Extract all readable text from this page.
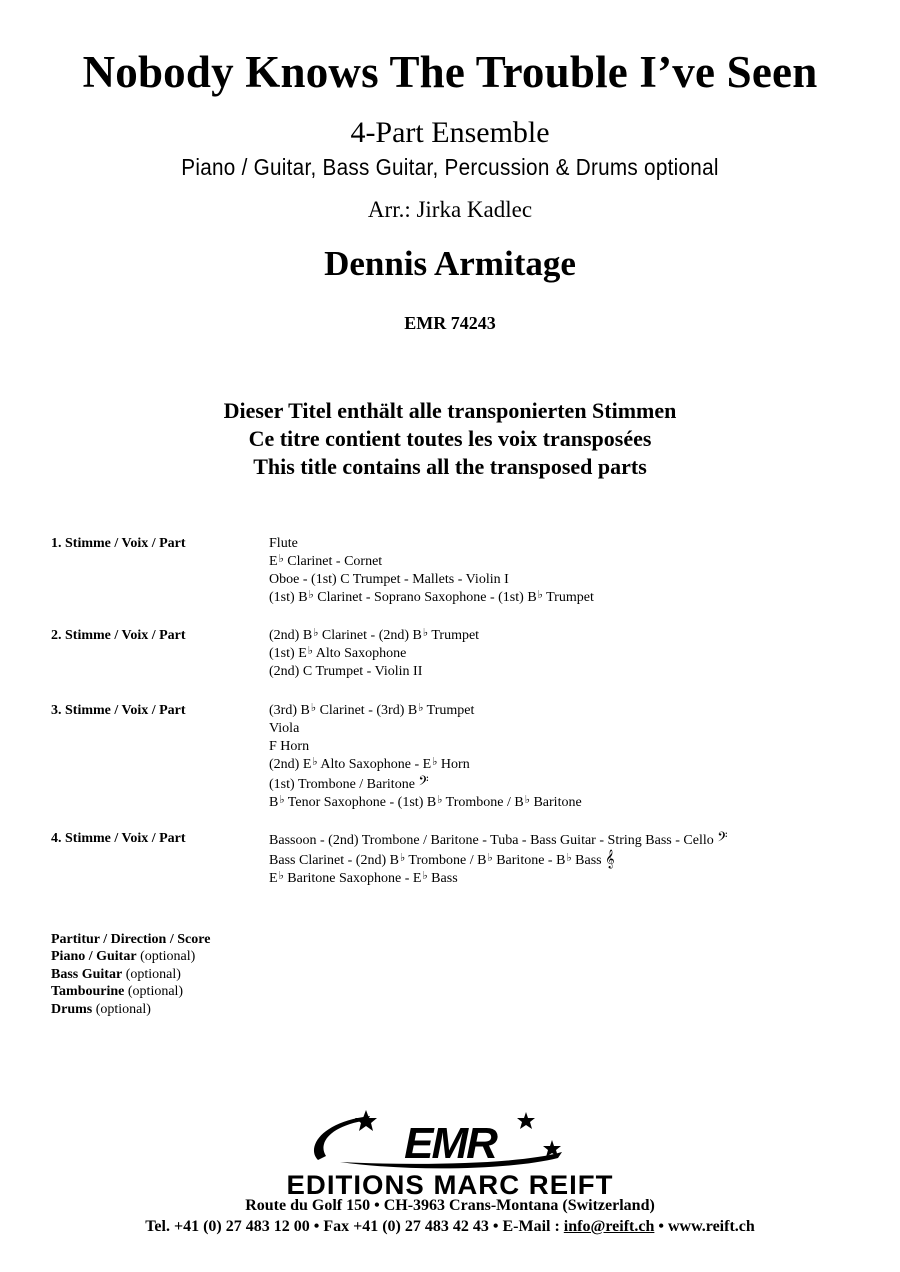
Nobody Knows The Trouble I’ve Seen
4-Part Ensemble
Piano / Guitar, Bass Guitar, Percussion & Drums optional
Arr.: Jirka Kadlec
Dennis Armitage
EMR 74243
Dieser Titel enthält alle transponierten Stimmen
Ce titre contient toutes les voix transposées
This title contains all the transposed parts
1. Stimme / Voix / Part	Flute
E♭ Clarinet - Cornet
Oboe - (1st) C Trumpet - Mallets - Violin I
(1st) B♭ Clarinet - Soprano Saxophone - (1st) B♭ Trumpet
2. Stimme / Voix / Part	(2nd) B♭ Clarinet - (2nd) B♭ Trumpet
(1st) E♭ Alto Saxophone
(2nd) C Trumpet - Violin II
3. Stimme / Voix / Part	(3rd) B♭ Clarinet - (3rd) B♭ Trumpet
Viola
F Horn
(2nd) E♭ Alto Saxophone - E♭ Horn
(1st) Trombone / Baritone 𝄢
B♭ Tenor Saxophone - (1st) B♭ Trombone / B♭ Baritone
4. Stimme / Voix / Part	Bassoon - (2nd) Trombone / Baritone - Tuba - Bass Guitar - String Bass - Cello 𝄢
Bass Clarinet - (2nd) B♭ Trombone / B♭ Baritone - B♭ Bass 𝄞
E♭ Baritone Saxophone - E♭ Bass
Partitur / Direction / Score
Piano / Guitar (optional)
Bass Guitar (optional)
Tambourine (optional)
Drums (optional)
EMR
EDITIONS MARC REIFT
Route du Golf 150 • CH-3963 Crans-Montana (Switzerland)
Tel. +41 (0) 27 483 12 00 • Fax +41 (0) 27 483 42 43 • E-Mail : info@reift.ch • www.reift.ch
